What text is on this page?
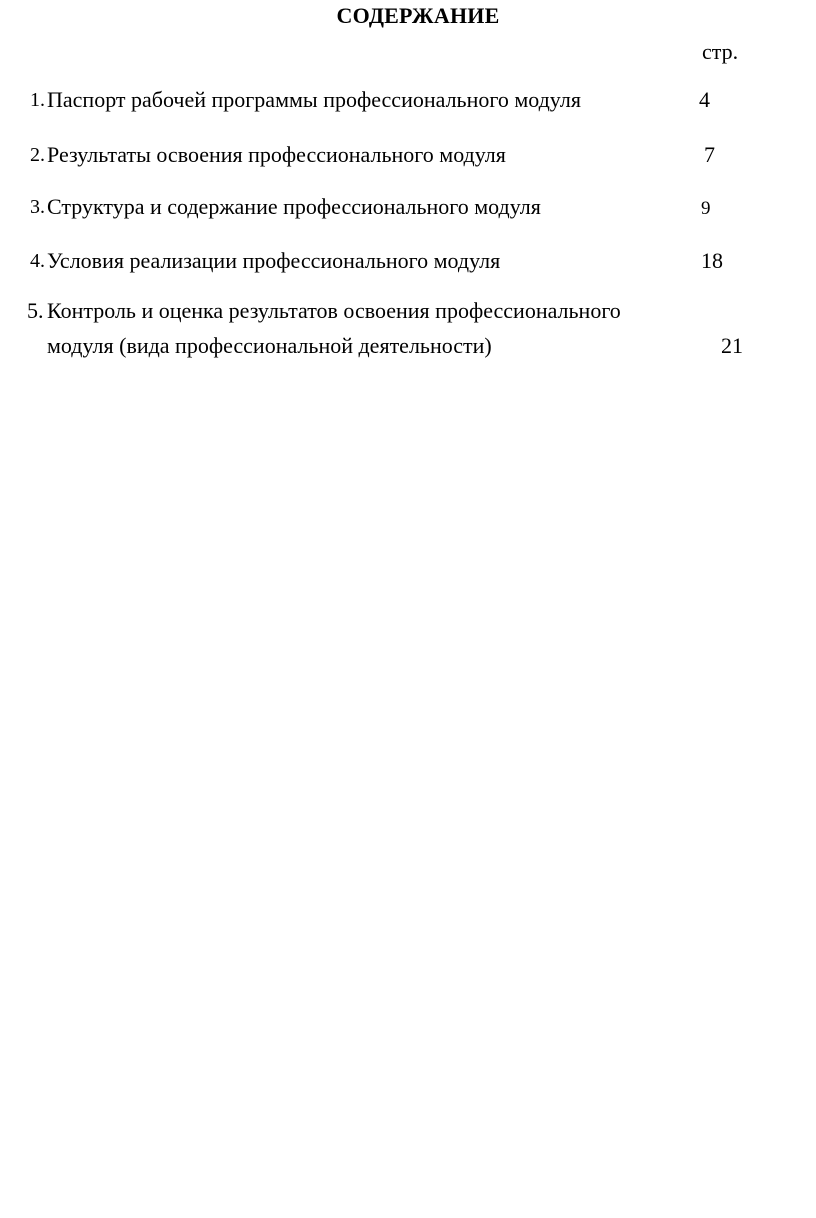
СОДЕРЖАНИЕ
стр.
1. Паспорт рабочей программы профессионального модуля	4
2. Результаты освоения профессионального модуля	7
3. Структура и содержание профессионального модуля	9
4. Условия реализации профессионального модуля	18
5. Контроль и оценка результатов освоения профессионального
модуля (вида профессиональной деятельности)	21
